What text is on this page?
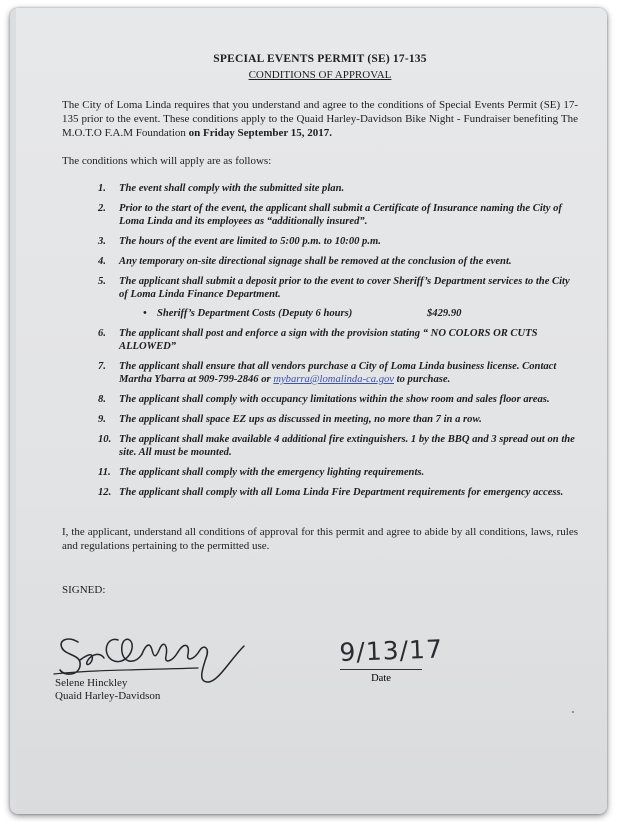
SPECIAL EVENTS PERMIT (SE) 17-135

CONDITIONS OF APPROVAL

The City of Loma Linda requires that you understand and agree to the conditions of Special Events Permit (SE) 17-135 prior to the event. These conditions apply to the Quaid Harley-Davidson Bike Night - Fundraiser benefiting The M.O.T.O F.A.M Foundation on Friday September 15, 2017.

The conditions which will apply are as follows:

1. The event shall comply with the submitted site plan.
2. Prior to the start of the event, the applicant shall submit a Certificate of Insurance naming the City of Loma Linda and its employees as “additionally insured”.
3. The hours of the event are limited to 5:00 p.m. to 10:00 p.m.
4. Any temporary on-site directional signage shall be removed at the conclusion of the event.
5. The applicant shall submit a deposit prior to the event to cover Sheriff’s Department services to the City of Loma Linda Finance Department.
• Sheriff’s Department Costs (Deputy 6 hours)	$429.90
6. The applicant shall post and enforce a sign with the provision stating “ NO COLORS OR CUTS ALLOWED”
7. The applicant shall ensure that all vendors purchase a City of Loma Linda business license. Contact Martha Ybarra at 909-799-2846 or mybarra@lomalinda-ca.gov to purchase.
8. The applicant shall comply with occupancy limitations within the show room and sales floor areas.
9. The applicant shall space EZ ups as discussed in meeting, no more than 7 in a row.
10. The applicant shall make available 4 additional fire extinguishers. 1 by the BBQ and 3 spread out on the site. All must be mounted.
11. The applicant shall comply with the emergency lighting requirements.
12. The applicant shall comply with all Loma Linda Fire Department requirements for emergency access.

I, the applicant, understand all conditions of approval for this permit and agree to abide by all conditions, laws, rules and regulations pertaining to the permitted use.

SIGNED:

Selene Hinckley
Quaid Harley-Davidson
9/13/17
Date
